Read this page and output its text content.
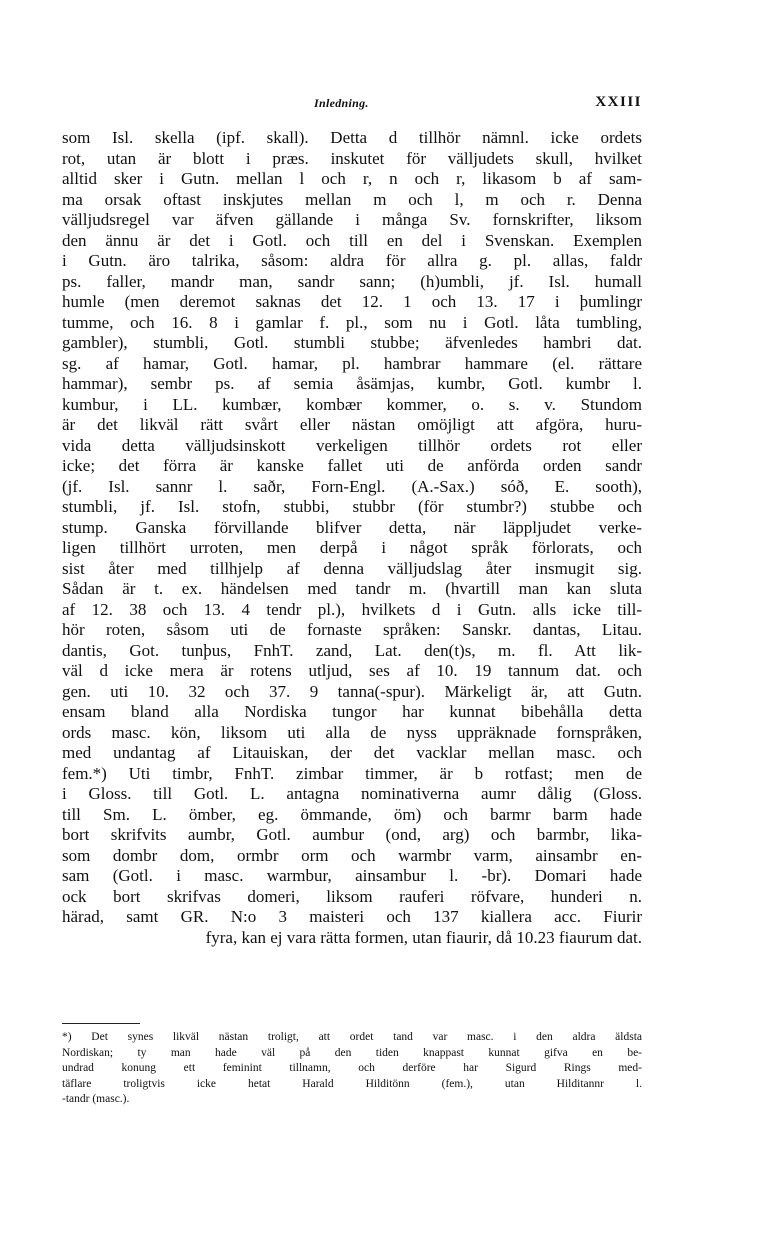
Inledning.	XXIII
som Isl. skella (ipf. skall). Detta d tillhör nämnl. icke ordets
rot, utan är blott i præs. inskutet för välljudets skull, hvilket
alltid sker i Gutn. mellan l och r, n och r, likasom b af sam-
ma orsak oftast inskjutes mellan m och l, m och r. Denna
välljudsregel var äfven gällande i många Sv. fornskrifter, liksom
den ännu är det i Gotl. och till en del i Svenskan. Exemplen
i Gutn. äro talrika, såsom: aldra för allra g. pl. allas, faldr
ps. faller, mandr man, sandr sann; (h)umbli, jf. Isl. humall
humle (men deremot saknas det 12. 1 och 13. 17 i þumlingr
tumme, och 16. 8 i gamlar f. pl., som nu i Gotl. låta tumbling,
gambler), stumbli, Gotl. stumbli stubbe; äfvenledes hambri dat.
sg. af hamar, Gotl. hamar, pl. hambrar hammare (el. rättare
hammar), sembr ps. af semia åsämjas, kumbr, Gotl. kumbr l.
kumbur, i LL. kumbær, kombær kommer, o. s. v. Stundom
är det likväl rätt svårt eller nästan omöjligt att afgöra, huru-
vida detta välljudsinskott verkeligen tillhör ordets rot eller
icke; det förra är kanske fallet uti de anförda orden sandr
(jf. Isl. sannr l. saðr, Forn-Engl. (A.-Sax.) sóð, E. sooth),
stumbli, jf. Isl. stofn, stubbi, stubbr (för stumbr?) stubbe och
stump. Ganska förvillande blifver detta, när läppljudet verke-
ligen tillhört urroten, men derpå i något språk förlorats, och
sist åter med tillhjelp af denna välljudslag åter insmugit sig.
Sådan är t. ex. händelsen med tandr m. (hvartill man kan sluta
af 12. 38 och 13. 4 tendr pl.), hvilkets d i Gutn. alls icke till-
hör roten, såsom uti de fornaste språken: Sanskr. dantas, Litau.
dantis, Got. tunþus, FnhT. zand, Lat. den(t)s, m. fl. Att lik-
väl d icke mera är rotens utljud, ses af 10. 19 tannum dat. och
gen. uti 10. 32 och 37. 9 tanna(-spur). Märkeligt är, att Gutn.
ensam bland alla Nordiska tungor har kunnat bibehålla detta
ords masc. kön, liksom uti alla de nyss uppräknade fornspråken,
med undantag af Litauiskan, der det vacklar mellan masc. och
fem.*) Uti timbr, FnhT. zimbar timmer, är b rotfast; men de
i Gloss. till Gotl. L. antagna nominativerna aumr dålig (Gloss.
till Sm. L. ömber, eg. ömmande, öm) och barmr barm hade
bort skrifvits aumbr, Gotl. aumbur (ond, arg) och barmbr, lika-
som dombr dom, ormbr orm och warmbr varm, ainsambr en-
sam (Gotl. i masc. warmbur, ainsambur l. -br). Domari hade
ock bort skrifvas domeri, liksom rauferi röfvare, hunderi n.
härad, samt GR. N:o 3 maisteri och 137 kiallera acc. Fiurir
fyra, kan ej vara rätta formen, utan fiaurir, då 10.23 fiaurum dat.
*) Det synes likväl nästan troligt, att ordet tand var masc. i den aldra äldsta
Nordiskan; ty man hade väl på den tiden knappast kunnat gifva en be-
undrad konung ett feminint tillnamn, och derföre har Sigurd Rings med-
täflare troligtvis icke hetat Harald Hilditönn (fem.), utan Hilditannr l.
-tandr (masc.).
